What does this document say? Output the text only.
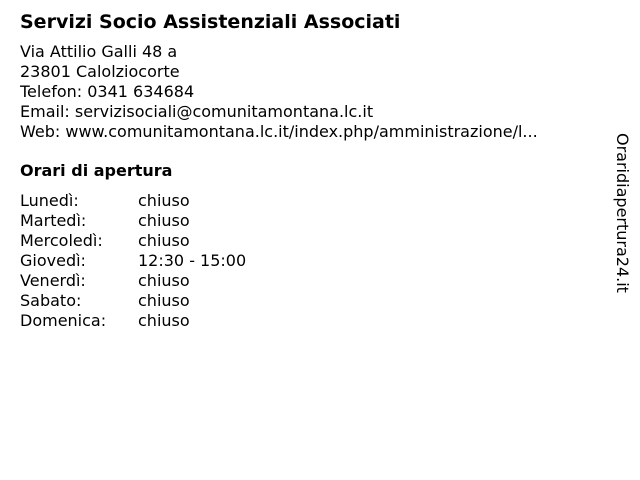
Servizi Socio Assistenziali Associati
Via Attilio Galli 48 a
23801 Calolziocorte
Telefon: 0341 634684
Email: servizisociali@comunitamontana.lc.it
Web: www.comunitamontana.lc.it/index.php/amministrazione/l...
Orari di apertura
Lunedì:	chiuso
Martedì:	chiuso
Mercoledì:	chiuso
Giovedì:	12:30 - 15:00
Venerdì:	chiuso
Sabato:	chiuso
Domenica:	chiuso
Oraridiapertura24.it
